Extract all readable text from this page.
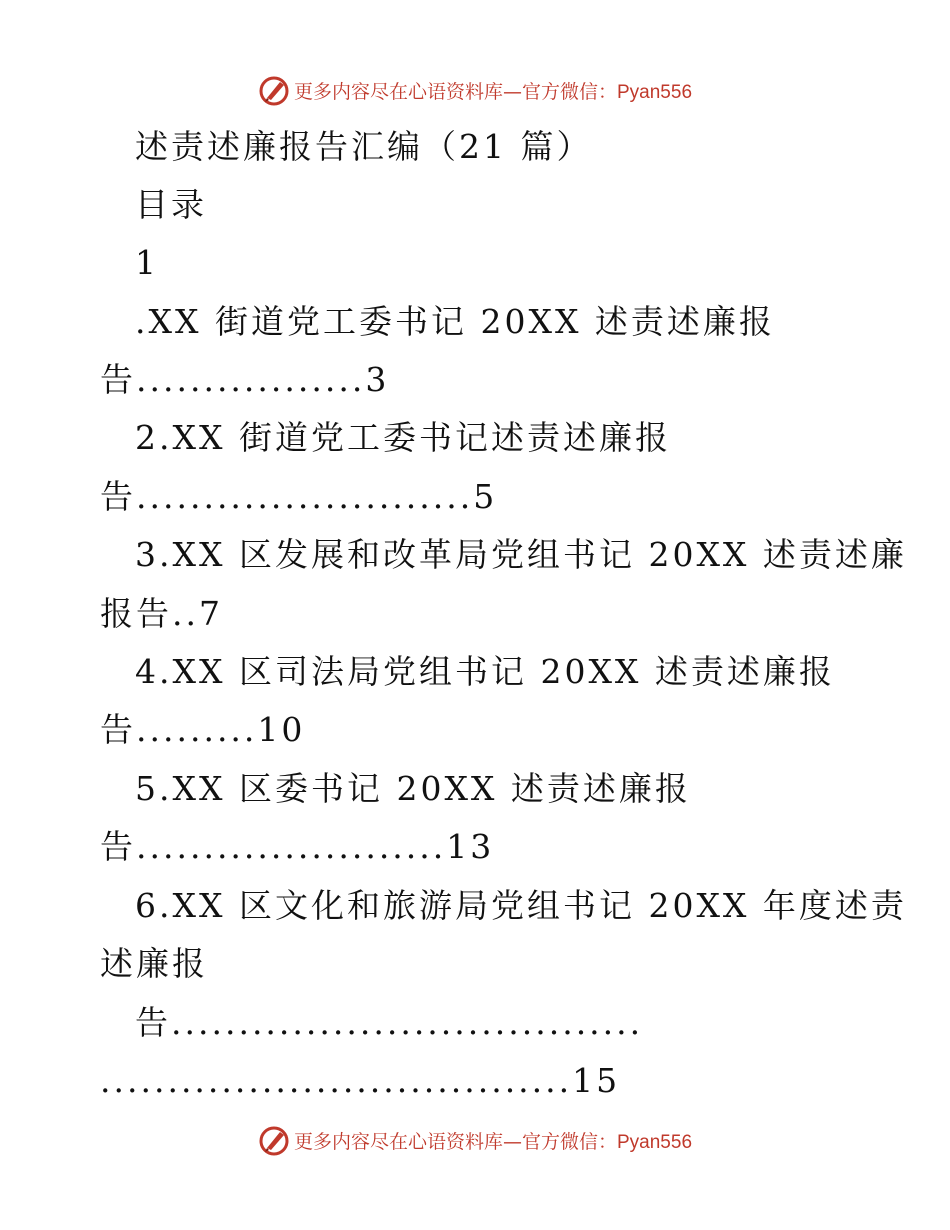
更多内容尽在心语资料库—官方微信：Pyan556
述责述廉报告汇编（21 篇）
目录
1
.XX 街道党工委书记 20XX 述责述廉报
告.................3
2.XX 街道党工委书记述责述廉报
告.........................5
3.XX 区发展和改革局党组书记 20XX 述责述廉
报告..7
4.XX 区司法局党组书记 20XX 述责述廉报
告.........10
5.XX 区委书记 20XX 述责述廉报
告.......................13
6.XX 区文化和旅游局党组书记 20XX 年度述责
述廉报
告...................................
...................................15
更多内容尽在心语资料库—官方微信：Pyan556
